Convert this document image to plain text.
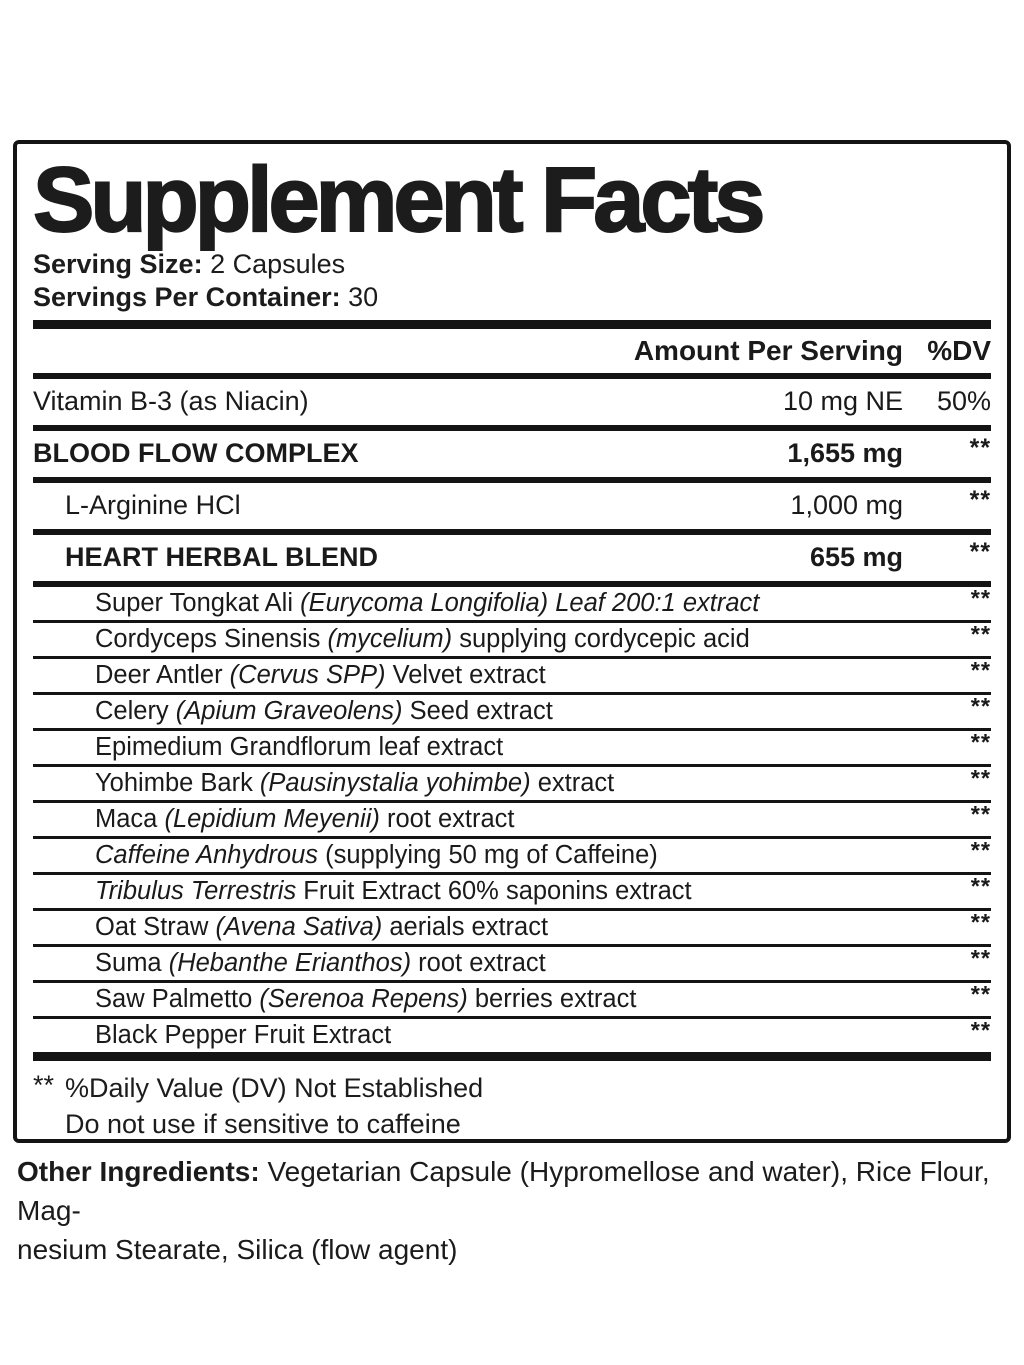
Supplement Facts
Serving Size: 2 Capsules
Servings Per Container: 30
Amount Per Serving %DV
Vitamin B-3 (as Niacin)	10 mg NE	50%
BLOOD FLOW COMPLEX	1,655 mg	**
L-Arginine HCl	1,000 mg	**
HEART HERBAL BLEND	655 mg	**
Super Tongkat Ali (Eurycoma Longifolia) Leaf 200:1 extract	**
Cordyceps Sinensis (mycelium) supplying cordycepic acid	**
Deer Antler (Cervus SPP) Velvet extract	**
Celery (Apium Graveolens) Seed extract	**
Epimedium Grandflorum leaf extract	**
Yohimbe Bark (Pausinystalia yohimbe) extract	**
Maca (Lepidium Meyenii) root extract	**
Caffeine Anhydrous (supplying 50 mg of Caffeine)	**
Tribulus Terrestris Fruit Extract 60% saponins extract	**
Oat Straw (Avena Sativa) aerials extract	**
Suma (Hebanthe Erianthos) root extract	**
Saw Palmetto (Serenoa Repens) berries extract	**
Black Pepper Fruit Extract	**
** %Daily Value (DV) Not Established
Do not use if sensitive to caffeine

Other Ingredients: Vegetarian Capsule (Hypromellose and water), Rice Flour, Mag-
nesium Stearate, Silica (flow agent)
